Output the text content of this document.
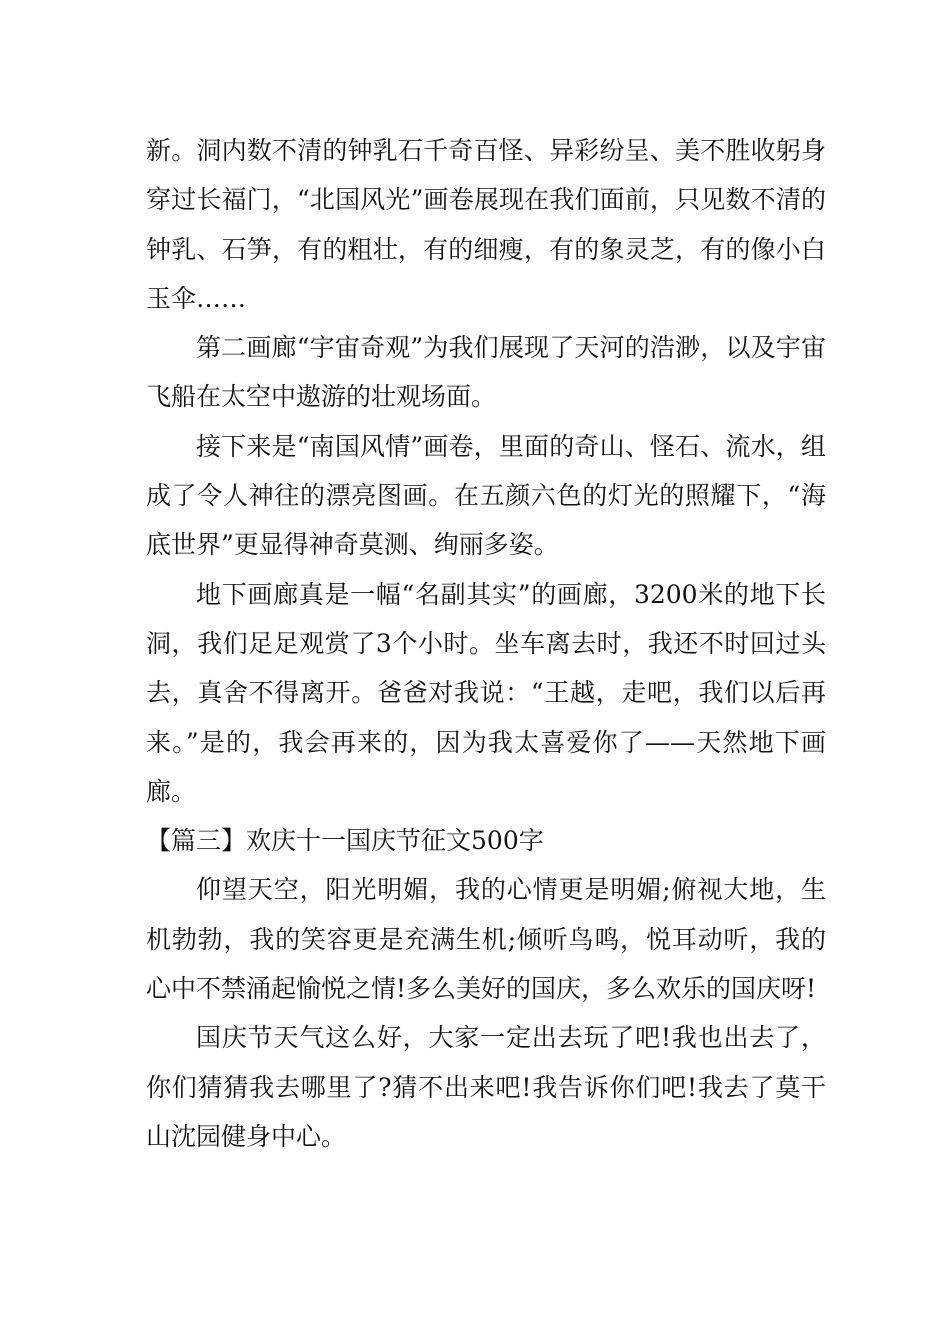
新。洞内数不清的钟乳石千奇百怪、异彩纷呈、美不胜收躬身穿过长福门，“北国风光”画卷展现在我们面前，只见数不清的钟乳、石笋，有的粗壮，有的细瘦，有的象灵芝，有的像小白玉伞……

第二画廊“宇宙奇观”为我们展现了天河的浩渺，以及宇宙飞船在太空中遨游的壮观场面。

接下来是“南国风情”画卷，里面的奇山、怪石、流水，组成了令人神往的漂亮图画。在五颜六色的灯光的照耀下，“海底世界”更显得神奇莫测、绚丽多姿。

地下画廊真是一幅“名副其实”的画廊，3200米的地下长洞，我们足足观赏了3个小时。坐车离去时，我还不时回过头去，真舍不得离开。爸爸对我说：“王越，走吧，我们以后再来。”是的，我会再来的，因为我太喜爱你了——天然地下画廊。

【篇三】欢庆十一国庆节征文500字

仰望天空，阳光明媚，我的心情更是明媚;俯视大地，生机勃勃，我的笑容更是充满生机;倾听鸟鸣，悦耳动听，我的心中不禁涌起愉悦之情!多么美好的国庆，多么欢乐的国庆呀!

国庆节天气这么好，大家一定出去玩了吧!我也出去了，你们猜猜我去哪里了?猜不出来吧!我告诉你们吧!我去了莫干山沈园健身中心。
